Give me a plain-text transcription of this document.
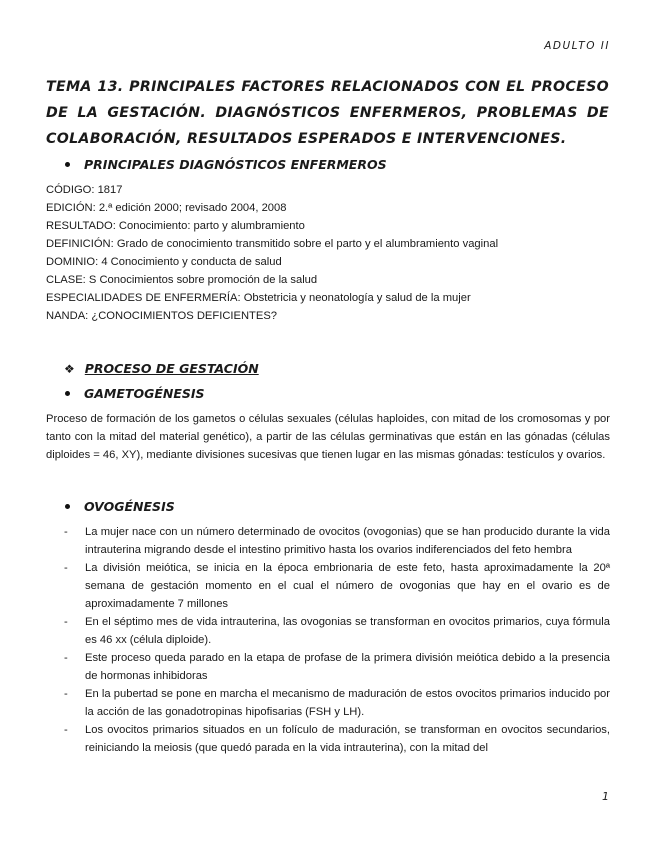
ADULTO II
TEMA 13. PRINCIPALES FACTORES RELACIONADOS CON EL PROCESO DE LA GESTACIÓN. DIAGNÓSTICOS ENFERMEROS, PROBLEMAS DE COLABORACIÓN, RESULTADOS ESPERADOS E INTERVENCIONES.
PRINCIPALES DIAGNÓSTICOS ENFERMEROS
CÓDIGO: 1817
EDICIÓN: 2.ª edición 2000; revisado 2004, 2008
RESULTADO: Conocimiento: parto y alumbramiento
DEFINICIÓN: Grado de conocimiento transmitido sobre el parto y el alumbramiento vaginal
DOMINIO: 4 Conocimiento y conducta de salud
CLASE: S Conocimientos sobre promoción de la salud
ESPECIALIDADES DE ENFERMERÍA: Obstetricia y neonatología y salud de la mujer
NANDA: ¿CONOCIMIENTOS DEFICIENTES?
❖ PROCESO DE GESTACIÓN
GAMETOGÉNESIS
Proceso de formación de los gametos o células sexuales (células haploides, con mitad de los cromosomas y por tanto con la mitad del material genético), a partir de las células germinativas que están en las gónadas (células diploides = 46, XY), mediante divisiones sucesivas que tienen lugar en las mismas gónadas: testículos y ovarios.
OVOGÉNESIS
- La mujer nace con un número determinado de ovocitos (ovogonias) que se han producido durante la vida intrauterina migrando desde el intestino primitivo hasta los ovarios indiferenciados del feto hembra
- La división meiótica, se inicia en la época embrionaria de este feto, hasta aproximadamente la 20ª semana de gestación momento en el cual el número de ovogonias que hay en el ovario es de aproximadamente 7 millones
- En el séptimo mes de vida intrauterina, las ovogonias se transforman en ovocitos primarios, cuya fórmula es 46 xx (célula diploide).
- Este proceso queda parado en la etapa de profase de la primera división meiótica debido a la presencia de hormonas inhibidoras
- En la pubertad se pone en marcha el mecanismo de maduración de estos ovocitos primarios inducido por la acción de las gonadotropinas hipofisarias (FSH y LH).
- Los ovocitos primarios situados en un folículo de maduración, se transforman en ovocitos secundarios, reiniciando la meiosis (que quedó parada en la vida intrauterina), con la mitad del
1
